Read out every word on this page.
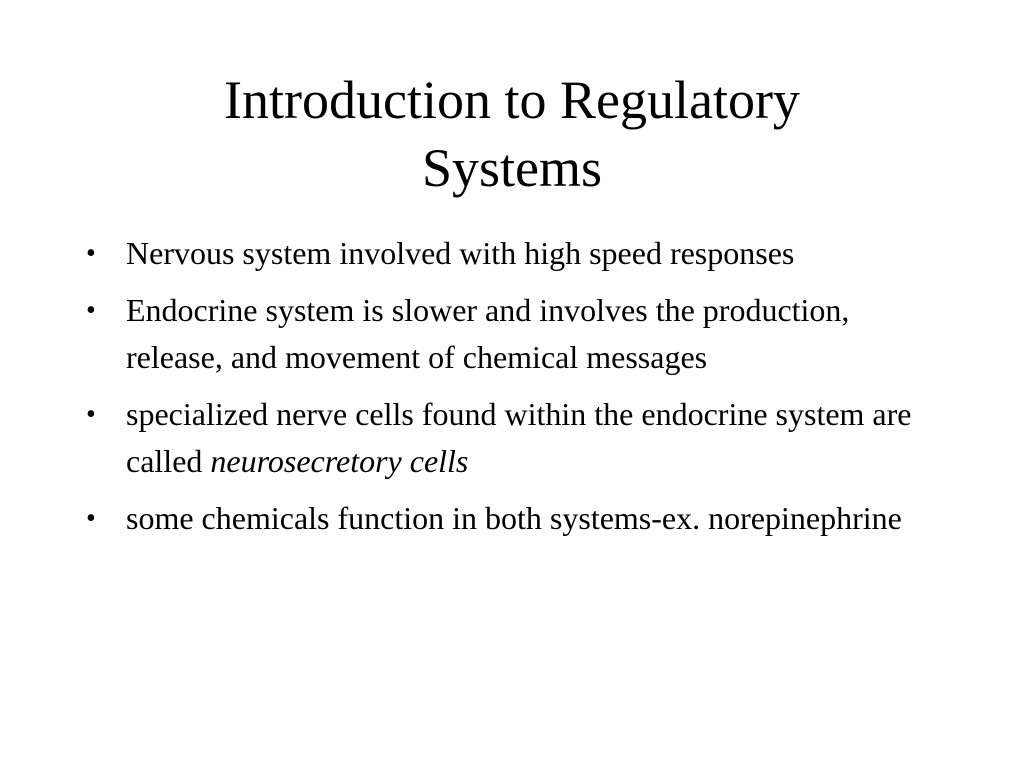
Introduction to Regulatory
Systems
• Nervous system involved with high speed responses
• Endocrine system is slower and involves the production, release, and movement of chemical messages
• specialized nerve cells found within the endocrine system are called neurosecretory cells
• some chemicals function in both systems-ex. norepinephrine
